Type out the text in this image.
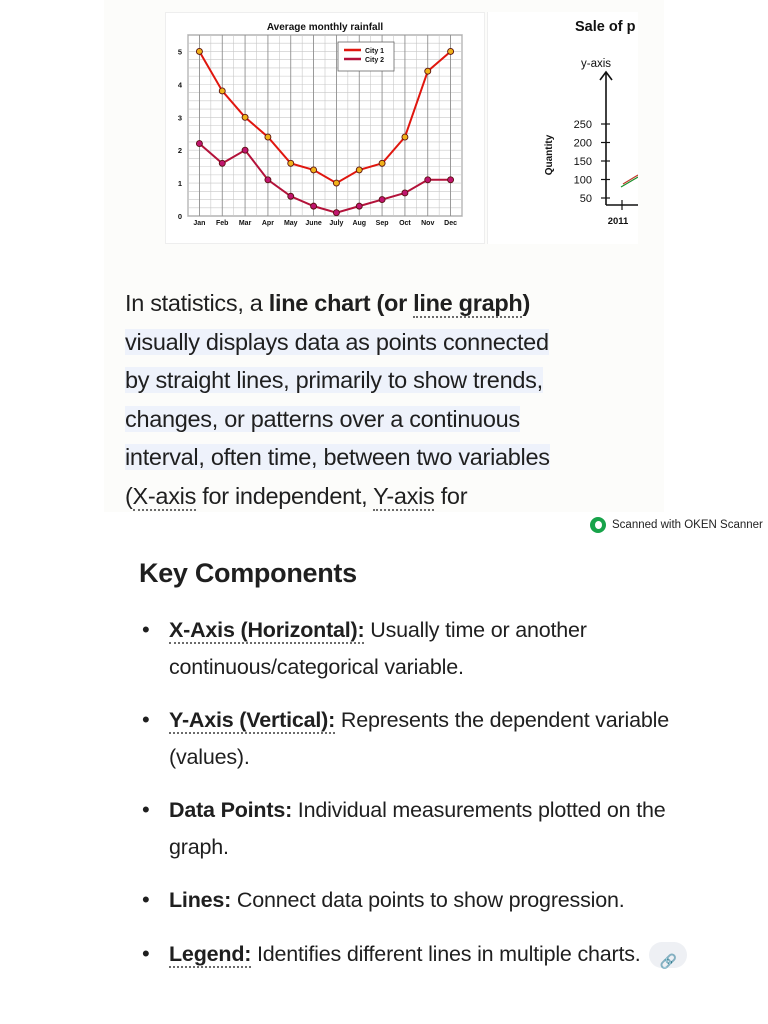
0
1
2
3
4
5
Jan Feb Mar Apr May June July Aug Sep Oct Nov Dec
Average monthly rainfall
City 1
City 2
Sale of p
y-axis
50
100
150
200
250
Quantity
2011
In statistics, a line chart (or line graph)
visually displays data as points connected
by straight lines, primarily to show trends,
changes, or patterns over a continuous
interval, often time, between two variables
(X-axis for independent, Y-axis for
Scanned with OKEN Scanner
Key Components
• X-Axis (Horizontal): Usually time or another continuous/categorical variable.
• Y-Axis (Vertical): Represents the dependent variable (values).
• Data Points: Individual measurements plotted on the graph.
• Lines: Connect data points to show progression.
• Legend: Identifies different lines in multiple charts.🔗
